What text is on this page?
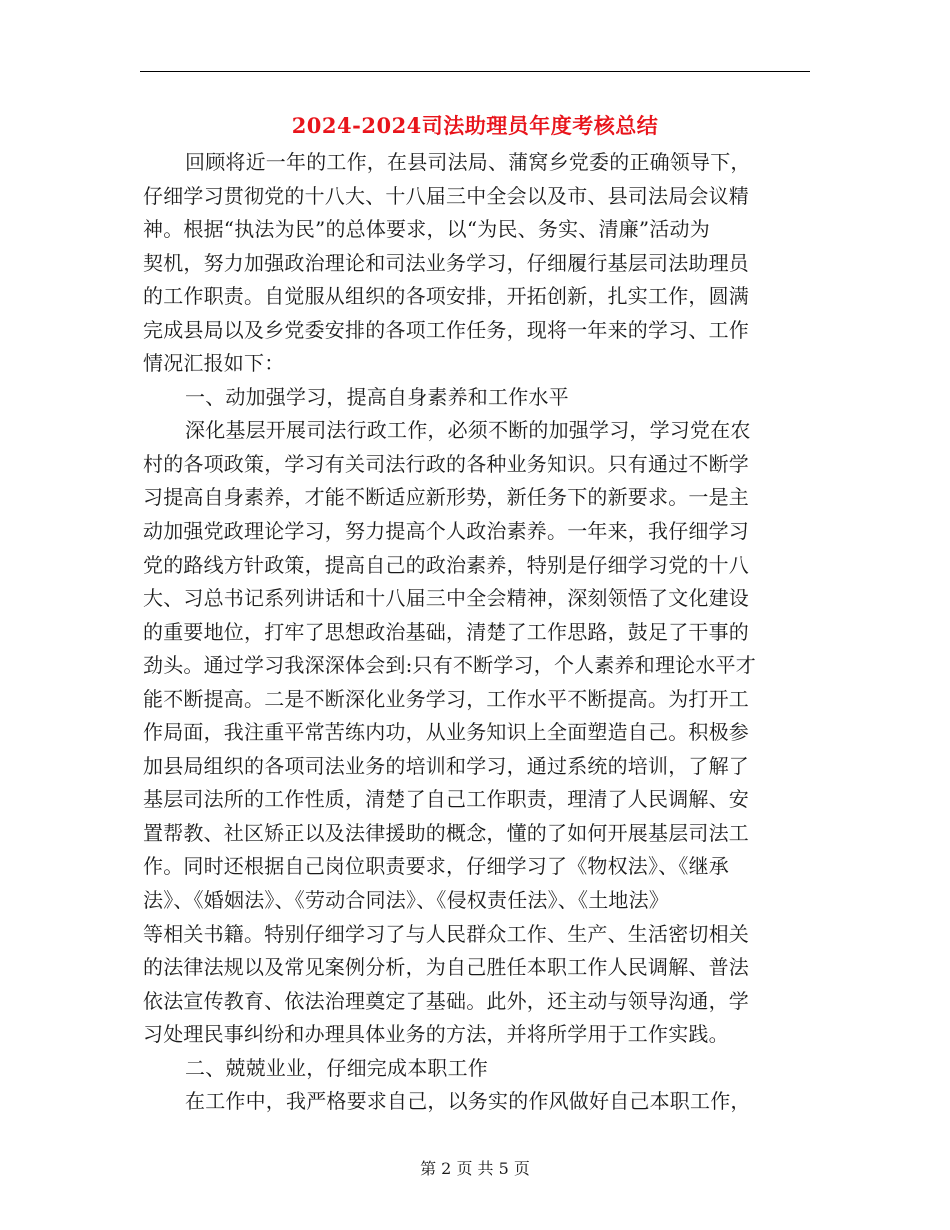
2024-2024司法助理员年度考核总结
回顾将近一年的工作，在县司法局、蒲窝乡党委的正确领导下，
仔细学习贯彻党的十八大、十八届三中全会以及市、县司法局会议精
神。根据“执法为民”的总体要求，以“为民、务实、清廉”活动为
契机，努力加强政治理论和司法业务学习，仔细履行基层司法助理员
的工作职责。自觉服从组织的各项安排，开拓创新，扎实工作，圆满
完成县局以及乡党委安排的各项工作任务，现将一年来的学习、工作
情况汇报如下：
一、动加强学习，提高自身素养和工作水平
深化基层开展司法行政工作，必须不断的加强学习，学习党在农
村的各项政策，学习有关司法行政的各种业务知识。只有通过不断学
习提高自身素养，才能不断适应新形势，新任务下的新要求。一是主
动加强党政理论学习，努力提高个人政治素养。一年来，我仔细学习
党的路线方针政策，提高自己的政治素养，特别是仔细学习党的十八
大、习总书记系列讲话和十八届三中全会精神，深刻领悟了文化建设
的重要地位，打牢了思想政治基础，清楚了工作思路，鼓足了干事的
劲头。通过学习我深深体会到:只有不断学习，个人素养和理论水平才
能不断提高。二是不断深化业务学习，工作水平不断提高。为打开工
作局面，我注重平常苦练内功，从业务知识上全面塑造自己。积极参
加县局组织的各项司法业务的培训和学习，通过系统的培训，了解了
基层司法所的工作性质，清楚了自己工作职责，理清了人民调解、安
置帮教、社区矫正以及法律援助的概念，懂的了如何开展基层司法工
作。同时还根据自己岗位职责要求，仔细学习了《物权法》、《继承
法》、《婚姻法》、《劳动合同法》、《侵权责任法》、《土地法》
等相关书籍。特别仔细学习了与人民群众工作、生产、生活密切相关
的法律法规以及常见案例分析，为自己胜任本职工作人民调解、普法
依法宣传教育、依法治理奠定了基础。此外，还主动与领导沟通，学
习处理民事纠纷和办理具体业务的方法，并将所学用于工作实践。
二、兢兢业业，仔细完成本职工作
在工作中，我严格要求自己，以务实的作风做好自己本职工作，
第 2 页 共 5 页
